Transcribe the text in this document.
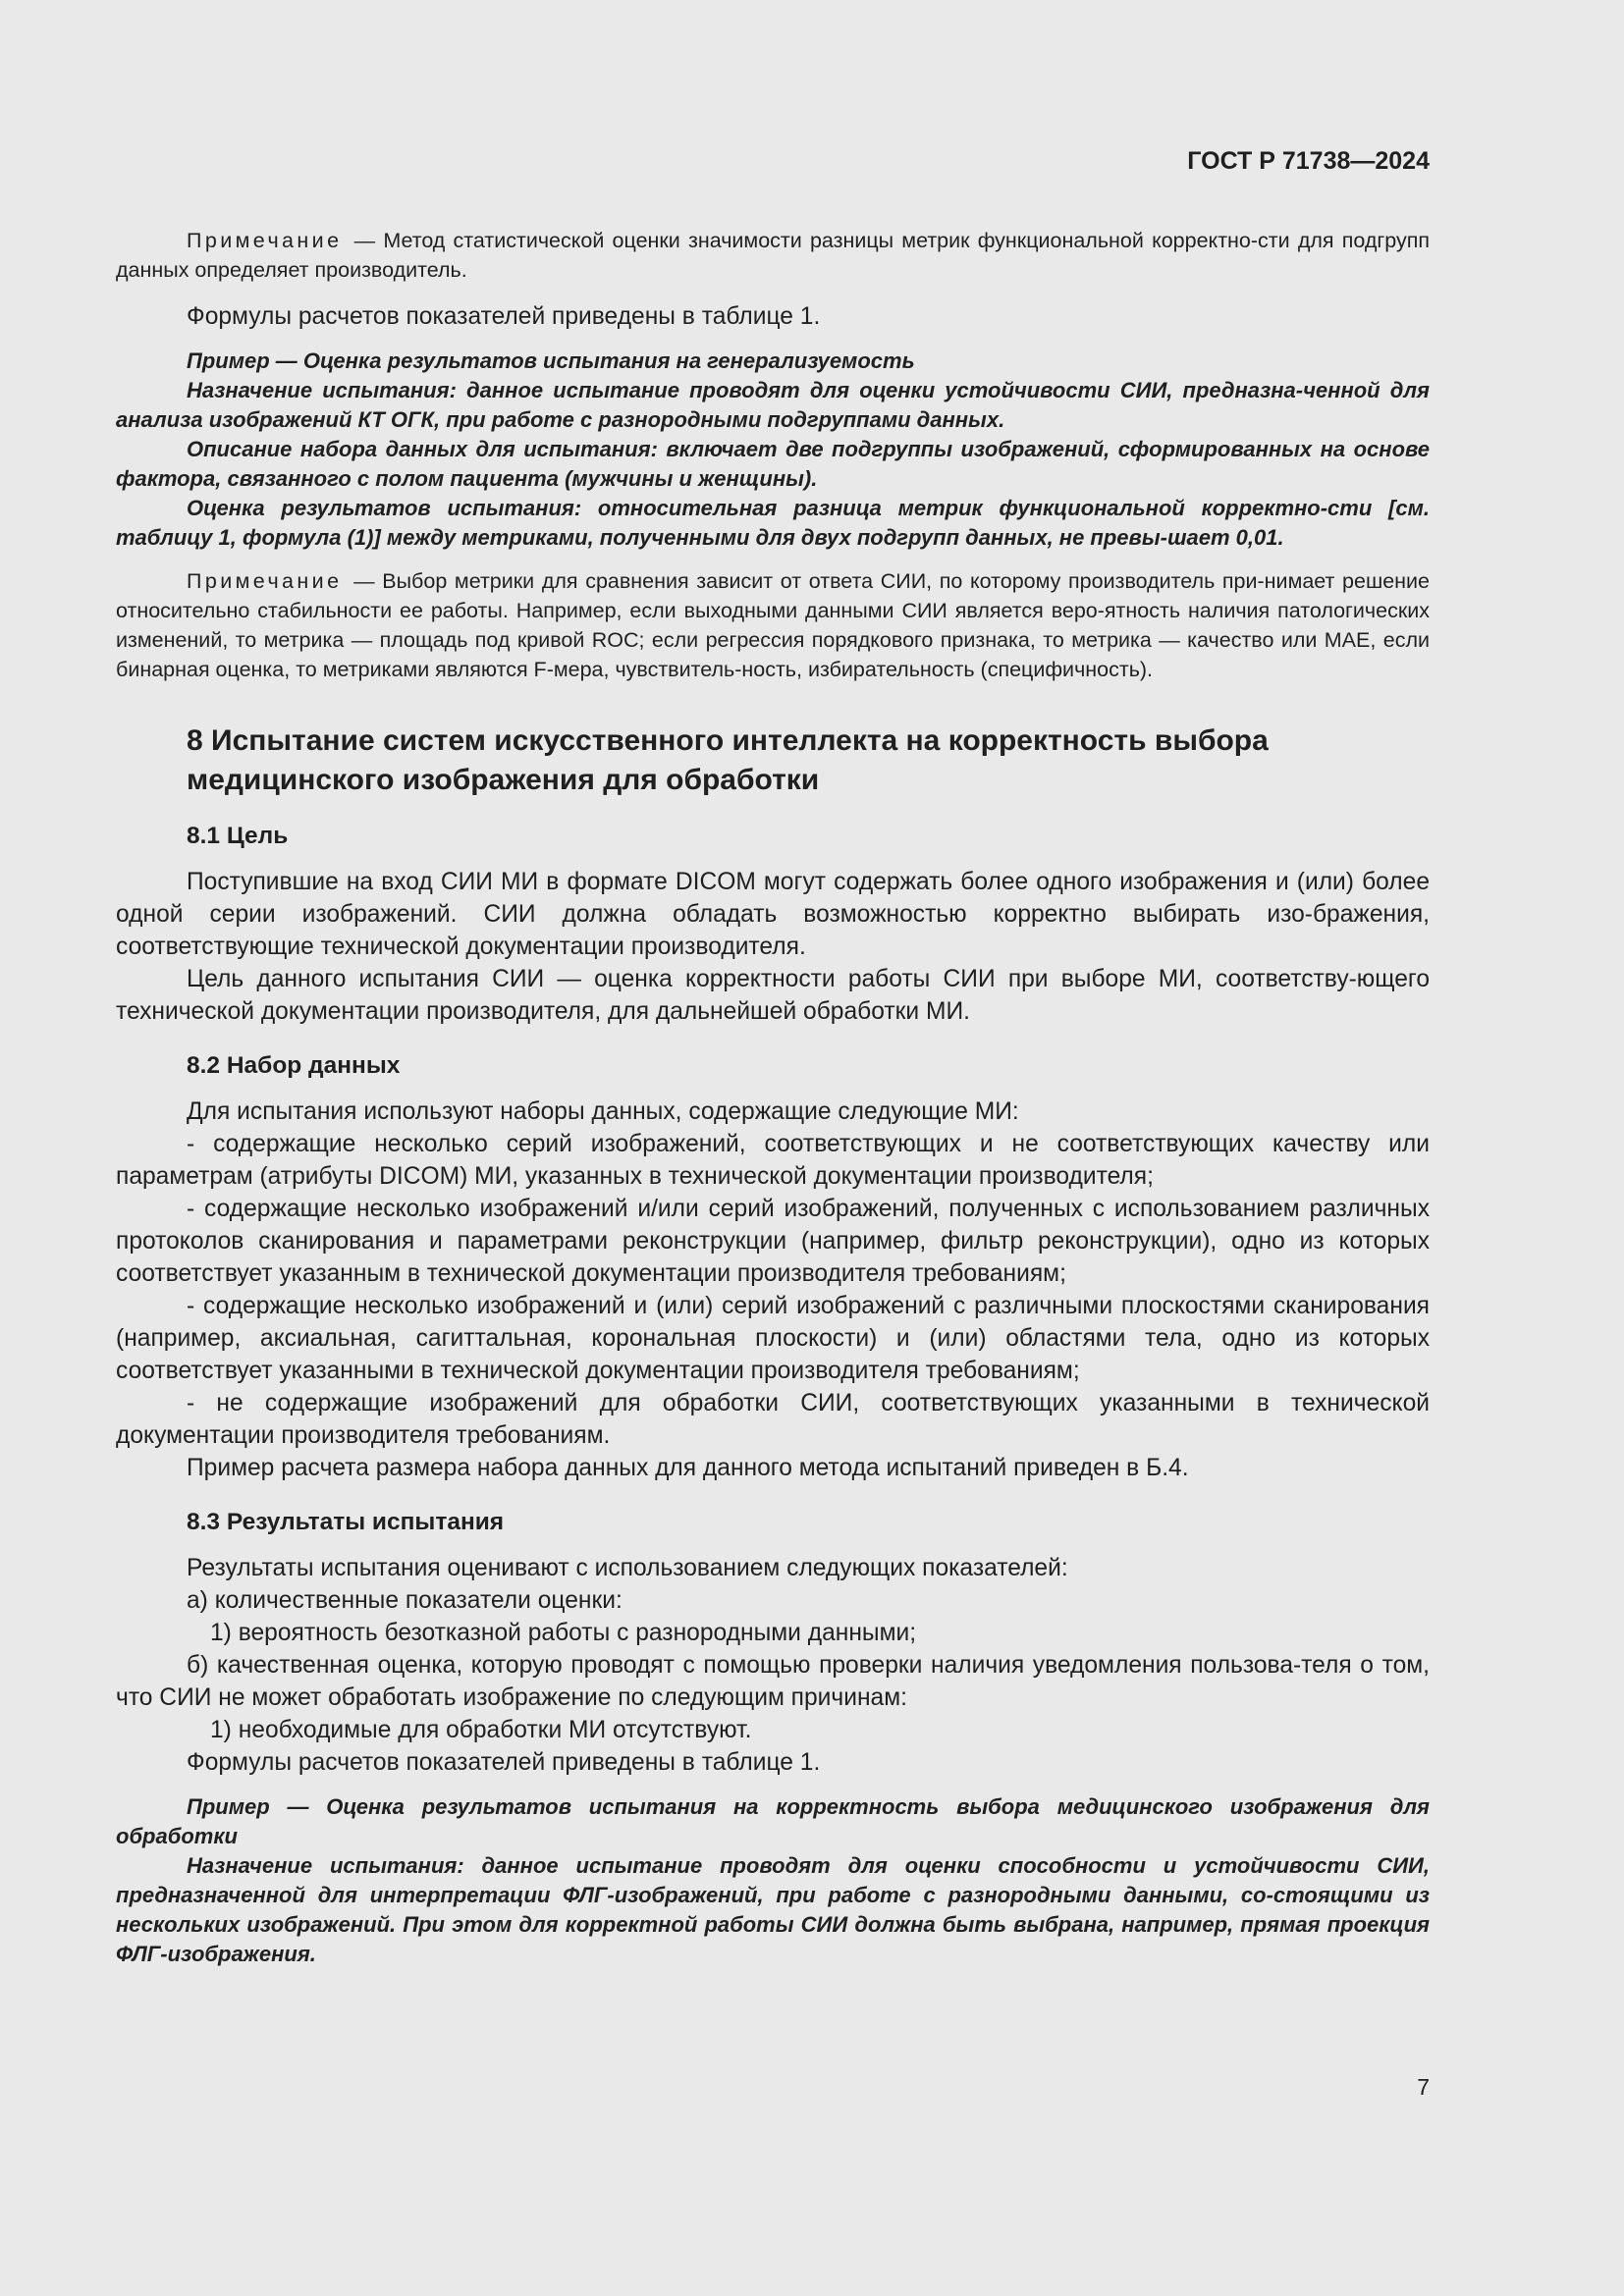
ГОСТ Р 71738—2024

Примечание — Метод статистической оценки значимости разницы метрик функциональной корректно-сти для подгрупп данных определяет производитель.

Формулы расчетов показателей приведены в таблице 1.

Пример — Оценка результатов испытания на генерализуемость

Назначение испытания: данное испытание проводят для оценки устойчивости СИИ, предназна-ченной для анализа изображений КТ ОГК, при работе с разнородными подгруппами данных.

Описание набора данных для испытания: включает две подгруппы изображений, сформированных на основе фактора, связанного с полом пациента (мужчины и женщины).

Оценка результатов испытания: относительная разница метрик функциональной корректно-сти [см. таблицу 1, формула (1)] между метриками, полученными для двух подгрупп данных, не превы-шает 0,01.

Примечание — Выбор метрики для сравнения зависит от ответа СИИ, по которому производитель при-нимает решение относительно стабильности ее работы. Например, если выходными данными СИИ является веро-ятность наличия патологических изменений, то метрика — площадь под кривой ROC; если регрессия порядкового признака, то метрика — качество или MAE, если бинарная оценка, то метриками являются F-мера, чувствитель-ность, избирательность (специфичность).

8 Испытание систем искусственного интеллекта на корректность выбора медицинского изображения для обработки
8.1 Цель

Поступившие на вход СИИ МИ в формате DICOM могут содержать более одного изображения и (или) более одной серии изображений. СИИ должна обладать возможностью корректно выбирать изо-бражения, соответствующие технической документации производителя.

Цель данного испытания СИИ — оценка корректности работы СИИ при выборе МИ, соответству-ющего технической документации производителя, для дальнейшей обработки МИ.

8.2 Набор данных

Для испытания используют наборы данных, содержащие следующие МИ:

- содержащие несколько серий изображений, соответствующих и не соответствующих качеству или параметрам (атрибуты DICOM) МИ, указанных в технической документации производителя;

- содержащие несколько изображений и/или серий изображений, полученных с использованием различных протоколов сканирования и параметрами реконструкции (например, фильтр реконструкции), одно из которых соответствует указанным в технической документации производителя требованиям;

- содержащие несколько изображений и (или) серий изображений с различными плоскостями сканирования (например, аксиальная, сагиттальная, корональная плоскости) и (или) областями тела, одно из которых соответствует указанными в технической документации производителя требованиям;

- не содержащие изображений для обработки СИИ, соответствующих указанными в технической документации производителя требованиям.

Пример расчета размера набора данных для данного метода испытаний приведен в Б.4.

8.3 Результаты испытания

Результаты испытания оценивают с использованием следующих показателей:

а) количественные показатели оценки:

1) вероятность безотказной работы с разнородными данными;

б) качественная оценка, которую проводят с помощью проверки наличия уведомления пользова-теля о том, что СИИ не может обработать изображение по следующим причинам:

1) необходимые для обработки МИ отсутствуют.

Формулы расчетов показателей приведены в таблице 1.

Пример — Оценка результатов испытания на корректность выбора медицинского изображения для обработки

Назначение испытания: данное испытание проводят для оценки способности и устойчивости СИИ, предназначенной для интерпретации ФЛГ-изображений, при работе с разнородными данными, со-стоящими из нескольких изображений. При этом для корректной работы СИИ должна быть выбрана, например, прямая проекция ФЛГ-изображения.

7
